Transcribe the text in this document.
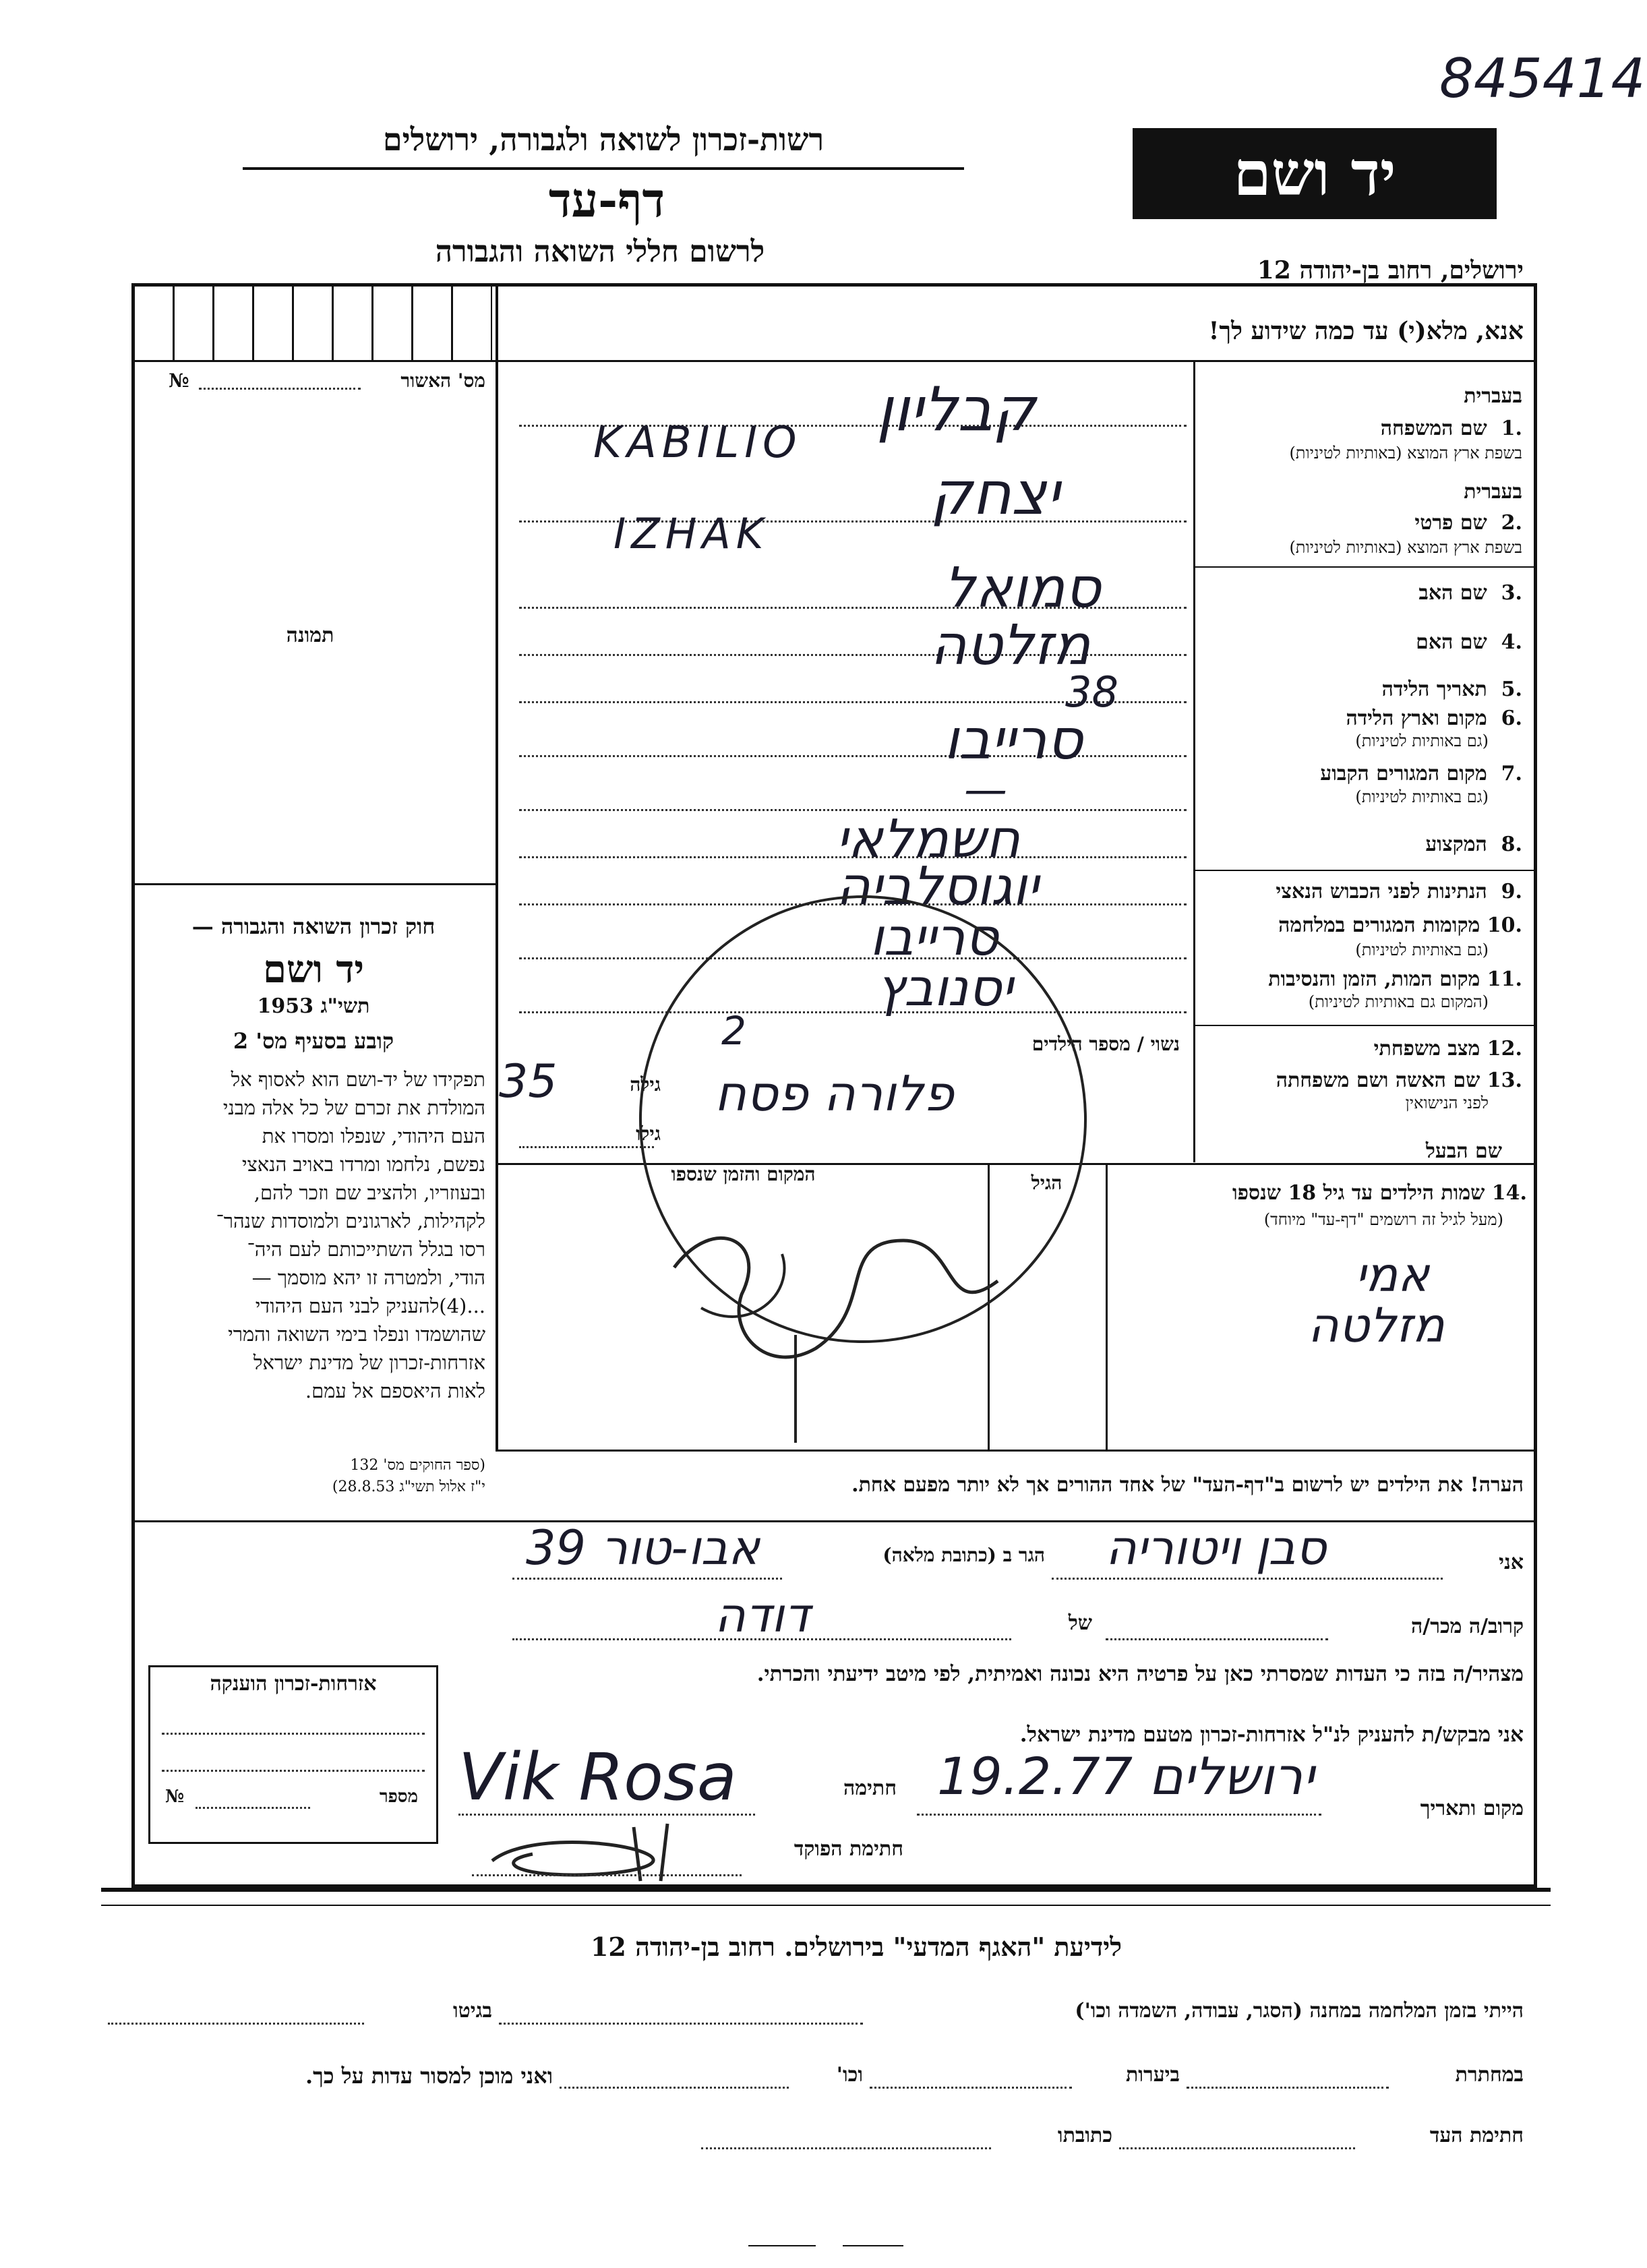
845414
רשות-זכרון לשואה ולגבורה, ירושלים
דף-עד
לרשום חללי השואה והגבורה
יד ושם
ירושלים, רחוב בן-יהודה 12
אנא, מלא(י) עד כמה שידוע לך!
מס' האשור
№
תמונה
חוק זכרון השואה והגבורה —
יד ושם
תשי"ג 1953
קובע בסעיף מס' 2
תפקידו של יד-ושם הוא לאסוף אל
המולדת את זכרם של כל אלה מבני
העם היהודי, שנפלו ומסרו את
נפשם, נלחמו ומרדו באויב הנאצי
ובעוזריו, ולהציב שם וזכר להם,
לקהילות, לארגונים ולמוסדות שנהר־
רסו בגלל השתייכותם לעם היה־
הודי, ולמטרה זו יהא מוסמך —
...(4)להעניק לבני העם היהודי
שהושמדו ונפלו בימי השואה והמרי
אזרחות-זכרון של מדינת ישראל
לאות היאספם אל עמם.
(ספר החוקים מס' 132
י"ז אלול תשי"ג 28.8.53)
בעברית
.1  שם המשפחה
בשפת ארץ המוצא (באותיות לטיניות)
בעברית
.2  שם פרטי
בשפת ארץ המוצא (באותיות לטיניות)
.3  שם האב
.4  שם האם
.5  תאריך הלידה
.6  מקום וארץ הלידה
(גם באותיות לטיניות)
.7  מקום המגורים הקבוע
(גם באותיות לטיניות)
.8  המקצוע
.9  הנתינות לפני הכבוש הנאצי
.10 מקומות המגורים במלחמה
(גם באותיות לטיניות)
.11 מקום המות, הזמן והנסיבות
(המקום גם באותיות לטיניות)
.12 מצב משפחתי
.13 שם האשה ושם משפחתה
לפני הנישואין
שם הבעל
קבליון
KABILIO
יצחק
IZHAK
סמואל
מזלטה
38
סרייבו
—
חשמלאי
יוגוסלביה
סרייבו
יסנובץ
נשוי / מספר הילדים
2
גילה
35	פלורה פסח
גילו
.14 שמות הילדים עד גיל 18 שנספו
(מעל לגיל זה רושמים "דף-עד" מיוחד)
הגיל
המקום והזמן שנספו
אמי
מזלטה
הערה! את הילדים יש לרשום ב"דף-העד" של אחד ההורים אך לא יותר מפעם אחת.
אני
סבן ויטוריה
הגר ב (כתובת מלאה)
אבו-טור 39
קרוב/ה מכר/ה
של
דודה
מצהיר/ה בזה כי העדות שמסרתי כאן על פרטיה היא נכונה ואמיתית, לפי מיטב ידיעתי והכרתי.
אני מבקש/ת להעניק לנ"ל אזרחות-זכרון מטעם מדינת ישראל.
מקום ותאריך
ירושלים 19.2.77
חתימה
Vik Rosa
חתימת הפוקד
אזרחות-זכרון הוענקה
מספר
№
לידיעת "האגף המדעי" בירושלים. רחוב בן-יהודה 12
הייתי בזמן המלחמה במחנה (הסגר, עבודה, השמדה וכו')
בגיטו
במחתרת
ביערות
וכו'
ואני מוכן למסור עדות על כך.
חתימת העד
כתובתו
